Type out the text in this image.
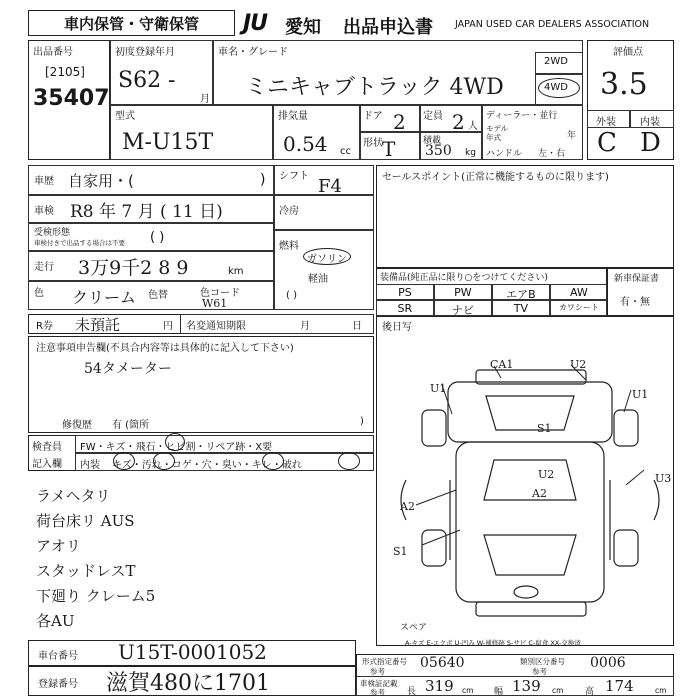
車内保管・守衛保管	JU 愛知 出品申込書 JAPAN USED CAR DEALERS ASSOCIATION
出品番号
[2105]
35407
初度登録年月
S62 -
月
車名・グレード
ミニキャブトラック 4WD
2WD
4WD
評価点
3.5
外装 内装
C D
型式
M-U15T
排気量
0.54 cc
ドア 2 定員 2 人
形状 T	積載
350 kg
ディーラー・並行
モデル
年式	年
ハンドル 左・右
車歴 自家用・(	)
車検 R8 年 7 月 ( 11 日)
受検形態
車検付きで出品する場合は不要 ( )
走行 3万9千2 8 9	km
色 クリーム 色替	色コード
W61
シフト F4
冷房
燃料
ガソリン
軽油
( )
セールスポイント(正常に機能するものに限ります)
装備品(純正品に限り○をつけてください)
PS	PW	エアB	AW
SR	ナビ	TV	カワシート
新車保証書
有・無
R券 未預託	円 名変通知期限	月	日
注意事項申告欄(不具合内容等は具体的に記入して下さい)
54タメーター
修復歴 有 (箇所	)
後日写
検査員
記入欄
FW・キズ・飛石・ヒビ割・リペア跡・X要
内装 キズ・汚れ・コゲ・穴・臭い・キレ・破れ
ラメヘタリ
荷台床リ AUS
アオリ
スタッドレスT
下廻り クレーム5
各AU
CA1	U2
U1	U1
S1
U2
A2
A2
U3
S1
スペア
A-キズ E-エクボ U-凹み W-補修跡 S-サビ C-腐食 XX-交換済
車台番号 U15T-0001052
登録番号 滋賀480に1701
形式指定番号
参考
05640	類別区分番号
参考
0006
車検証記載
参考 長 319 cm 幅 139 cm 高 174	cm
